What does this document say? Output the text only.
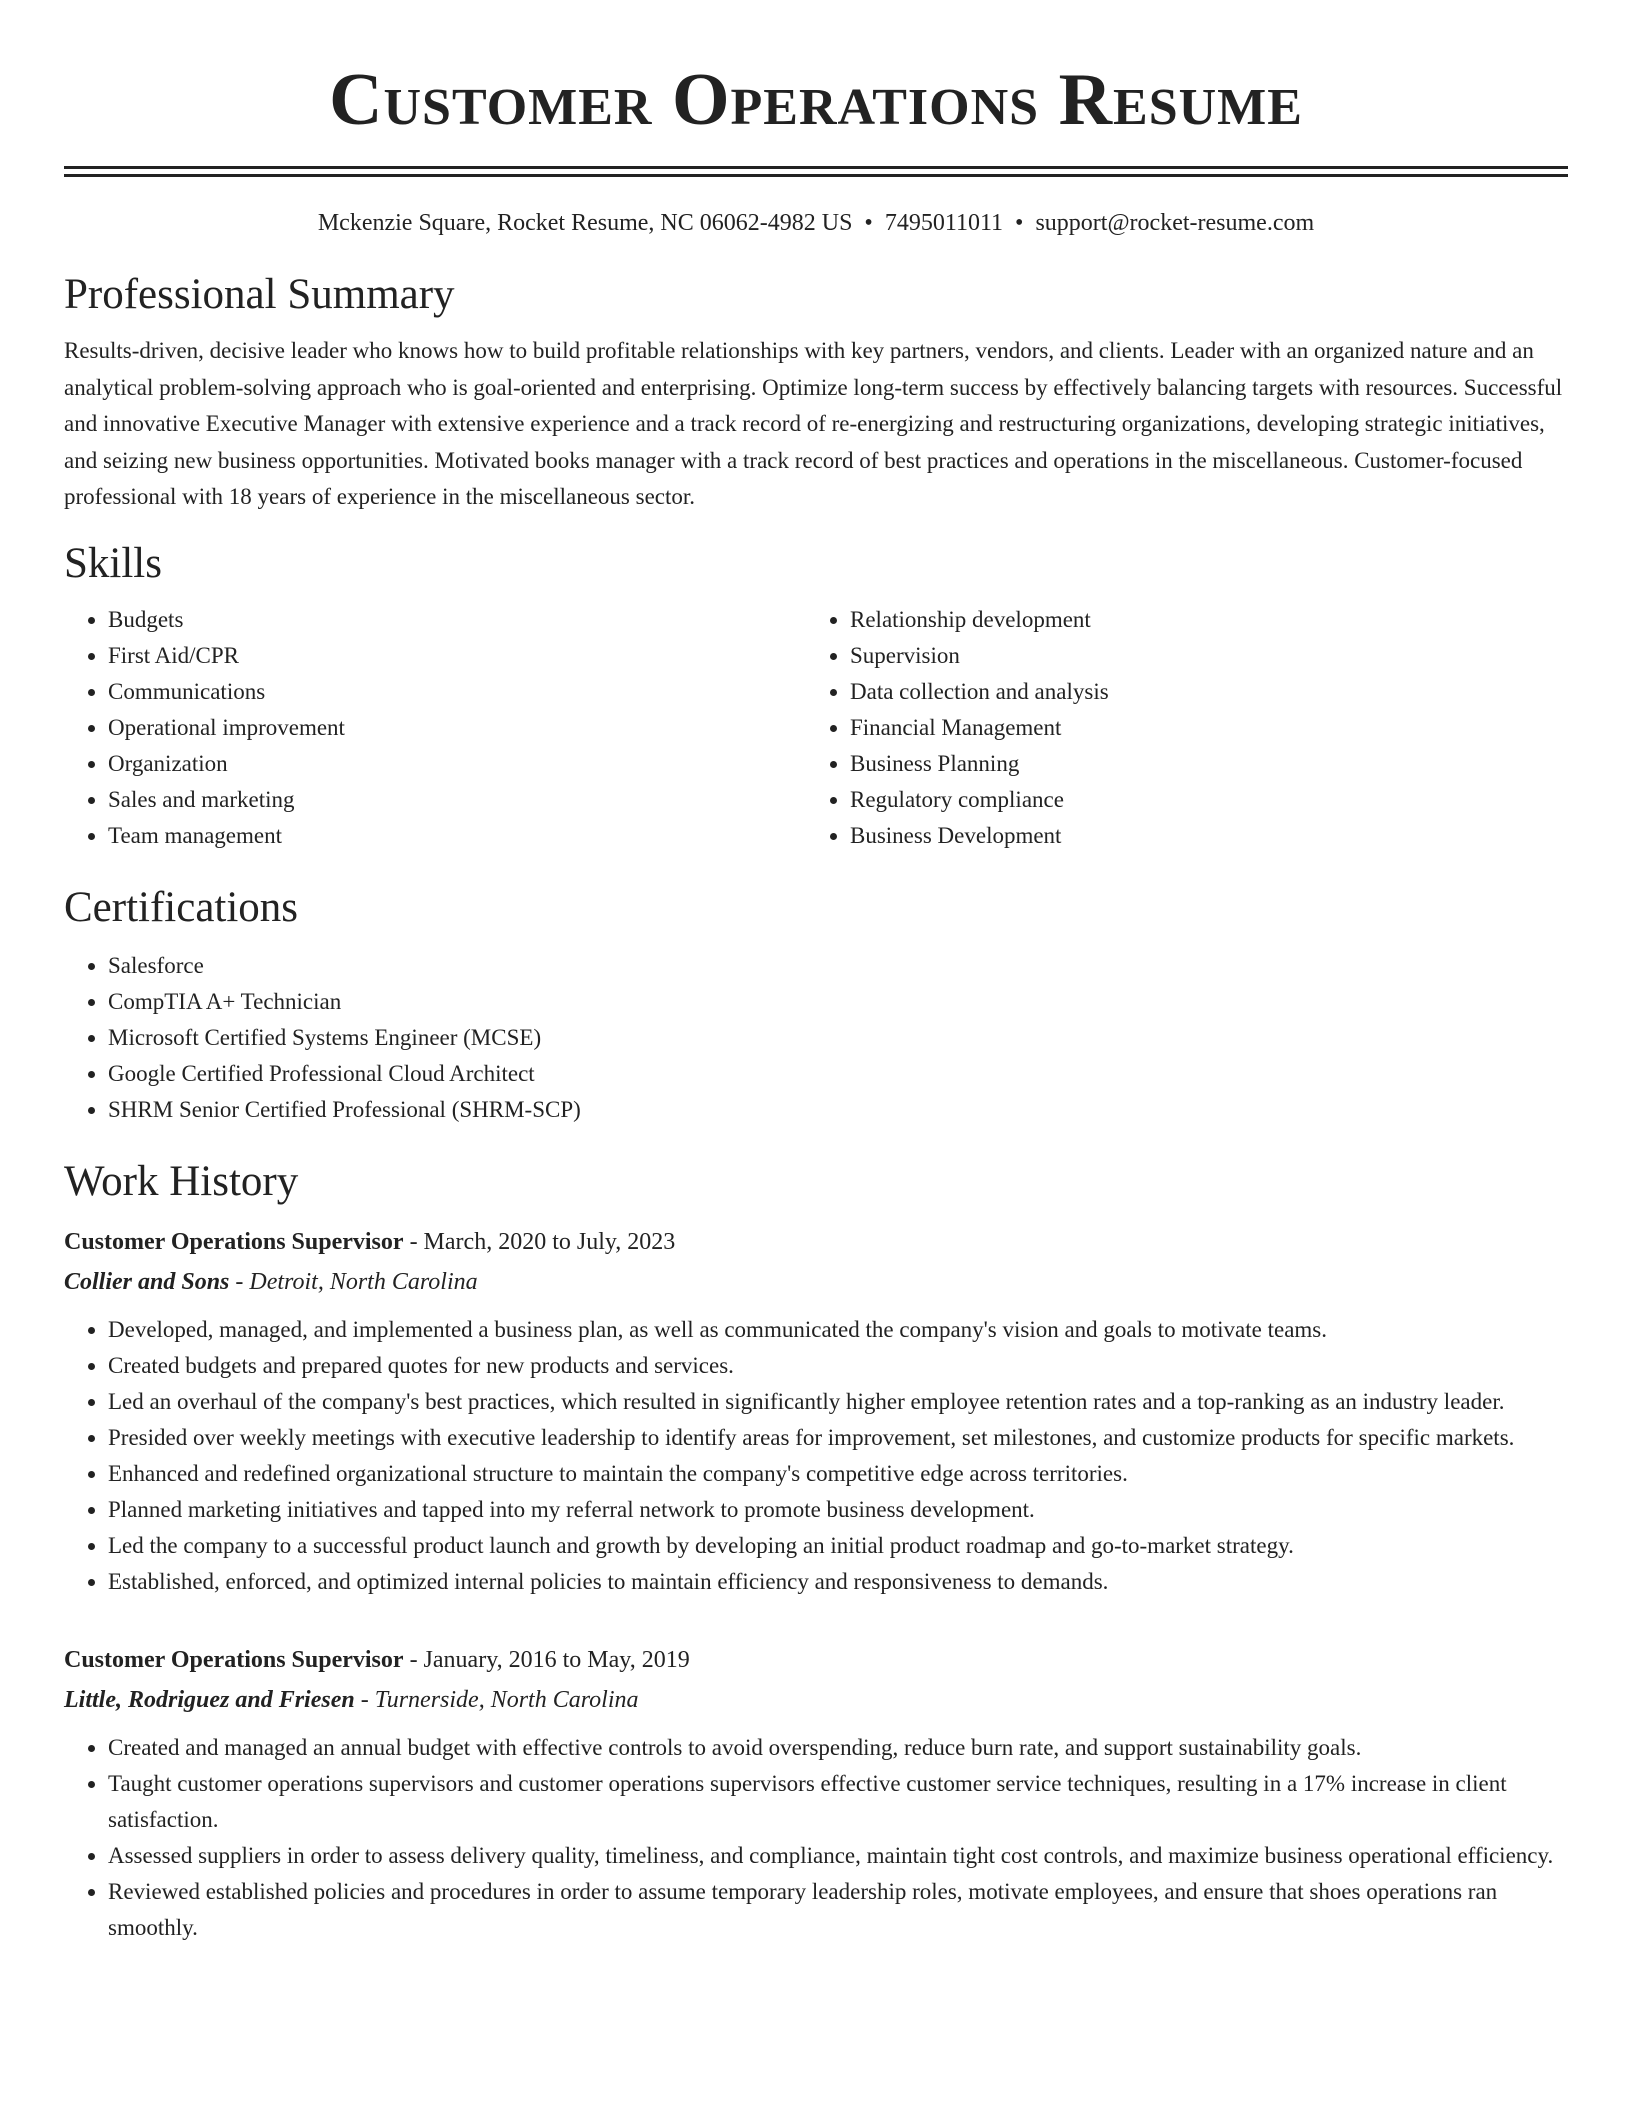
Customer Operations Resume
Mckenzie Square, Rocket Resume, NC 06062-4982 US • 7495011011 • support@rocket-resume.com
Professional Summary

Results-driven, decisive leader who knows how to build profitable relationships with key partners, vendors, and clients. Leader with an organized nature and an analytical problem-solving approach who is goal-oriented and enterprising. Optimize long-term success by effectively balancing targets with resources. Successful and innovative Executive Manager with extensive experience and a track record of re-energizing and restructuring organizations, developing strategic initiatives, and seizing new business opportunities. Motivated books manager with a track record of best practices and operations in the miscellaneous. Customer-focused professional with 18 years of experience in the miscellaneous sector.

Skills
• Budgets
• First Aid/CPR
• Communications
• Operational improvement
• Organization
• Sales and marketing
• Team management
• Relationship development
• Supervision
• Data collection and analysis
• Financial Management
• Business Planning
• Regulatory compliance
• Business Development
Certifications
• Salesforce
• CompTIA A+ Technician
• Microsoft Certified Systems Engineer (MCSE)
• Google Certified Professional Cloud Architect
• SHRM Senior Certified Professional (SHRM-SCP)
Work History
Customer Operations Supervisor - March, 2020 to July, 2023
Collier and Sons - Detroit, North Carolina
• Developed, managed, and implemented a business plan, as well as communicated the company's vision and goals to motivate teams.
• Created budgets and prepared quotes for new products and services.
• Led an overhaul of the company's best practices, which resulted in significantly higher employee retention rates and a top-ranking as an industry leader.
• Presided over weekly meetings with executive leadership to identify areas for improvement, set milestones, and customize products for specific markets.
• Enhanced and redefined organizational structure to maintain the company's competitive edge across territories.
• Planned marketing initiatives and tapped into my referral network to promote business development.
• Led the company to a successful product launch and growth by developing an initial product roadmap and go-to-market strategy.
• Established, enforced, and optimized internal policies to maintain efficiency and responsiveness to demands.
Customer Operations Supervisor - January, 2016 to May, 2019
Little, Rodriguez and Friesen - Turnerside, North Carolina
• Created and managed an annual budget with effective controls to avoid overspending, reduce burn rate, and support sustainability goals.
• Taught customer operations supervisors and customer operations supervisors effective customer service techniques, resulting in a 17% increase in client satisfaction.
• Assessed suppliers in order to assess delivery quality, timeliness, and compliance, maintain tight cost controls, and maximize business operational efficiency.
• Reviewed established policies and procedures in order to assume temporary leadership roles, motivate employees, and ensure that shoes operations ran smoothly.
